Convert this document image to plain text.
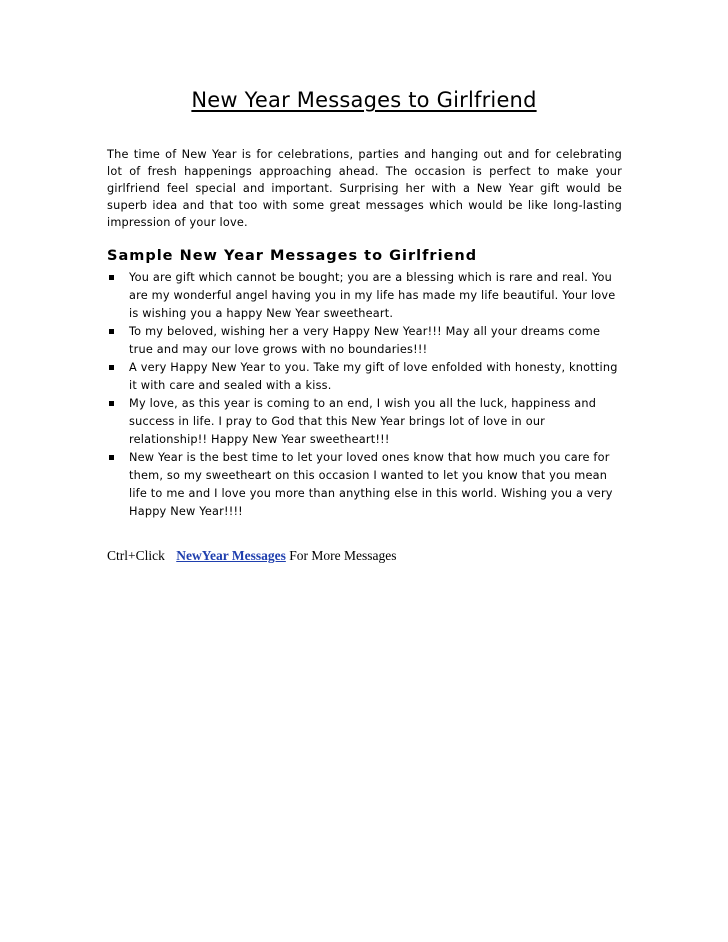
New Year Messages to Girlfriend
The time of New Year is for celebrations, parties and hanging out and for celebrating lot of fresh happenings approaching ahead. The occasion is perfect to make your girlfriend feel special and important. Surprising her with a New Year gift would be superb idea and that too with some great messages which would be like long-lasting impression of your love.
Sample New Year Messages to Girlfriend
You are gift which cannot be bought; you are a blessing which is rare and real. You are my wonderful angel having you in my life has made my life beautiful. Your love is wishing you a happy New Year sweetheart.
To my beloved, wishing her a very Happy New Year!!! May all your dreams come true and may our love grows with no boundaries!!!
A very Happy New Year to you. Take my gift of love enfolded with honesty, knotting it with care and sealed with a kiss.
My love, as this year is coming to an end, I wish you all the luck, happiness and success in life. I pray to God that this New Year brings lot of love in our relationship!! Happy New Year sweetheart!!!
New Year is the best time to let your loved ones know that how much you care for them, so my sweetheart on this occasion I wanted to let you know that you mean life to me and I love you more than anything else in this world. Wishing you a very Happy New Year!!!!
Ctrl+Click NewYear Messages For More Messages
